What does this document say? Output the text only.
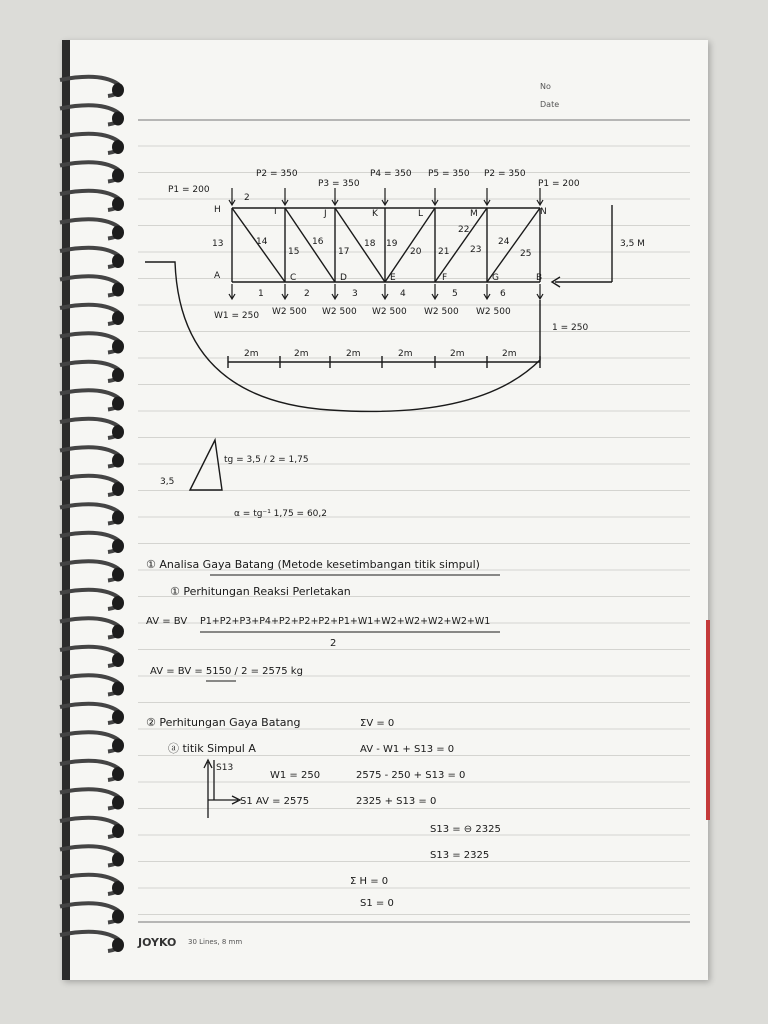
No
Date
JOYKO 30 Lines, 8 mm
P1 = 200
P2 = 350
P3 = 350
P4 = 350 P5 = 350 P2 = 350
P1 = 200
H	I	J	K	L	M	N
A	C	D	E	F	G	B
2
13	14
15
16
17
18 19
20 21
22
23
24
25
1	2	3	4	5	6
W1 = 250 W2 500 W2 500 W2 500 W2 500 W2 500
3,5 M
1 = 250
2m	2m	2m	2m	2m	2m
3,5
tg = 3,5 / 2 = 1,75
α = tg⁻¹ 1,75 = 60,2
① Analisa Gaya Batang (Metode kesetimbangan titik simpul)
① Perhitungan Reaksi Perletakan
AV = BV P1+P2+P3+P4+P2+P2+P2+P1+W1+W2+W2+W2+W2+W1
2
AV = BV = 5150 / 2 = 2575 kg
② Perhitungan Gaya Batang
ⓐ titik Simpul A
S13
W1 = 250
S1 AV = 2575
ΣV = 0
AV - W1 + S13 = 0
2575 - 250 + S13 = 0
2325 + S13 = 0
S13 = ⊖ 2325
S13 = 2325
Σ H = 0
S1 = 0
